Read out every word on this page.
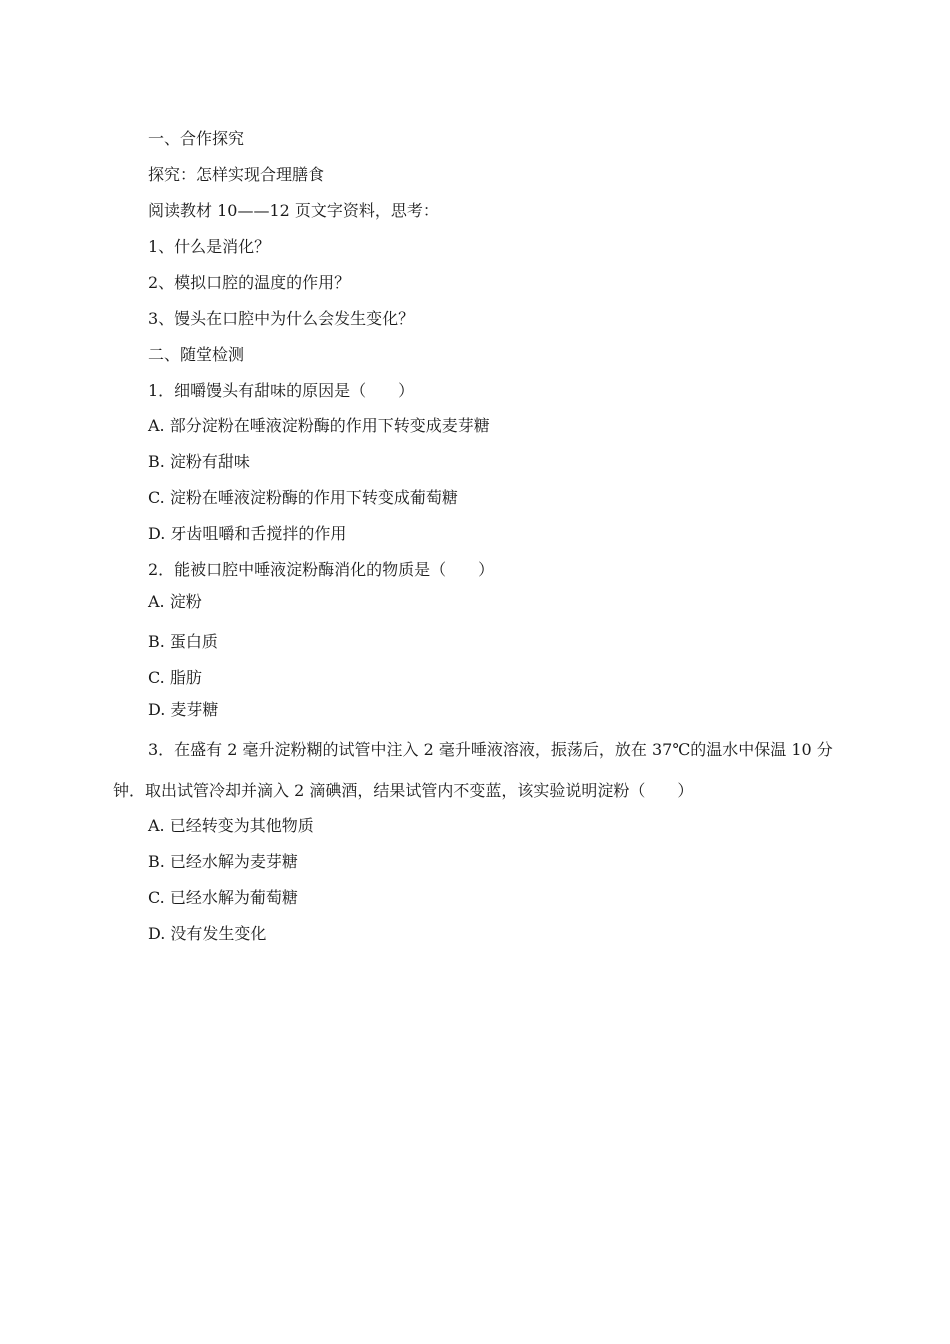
一、合作探究
探究：怎样实现合理膳食
阅读教材 10——12 页文字资料，思考：
1、什么是消化？
2、模拟口腔的温度的作用？
3、馒头在口腔中为什么会发生变化？
二、随堂检测
1．细嚼馒头有甜味的原因是（　　）
A. 部分淀粉在唾液淀粉酶的作用下转变成麦芽糖
B. 淀粉有甜味
C. 淀粉在唾液淀粉酶的作用下转变成葡萄糖
D. 牙齿咀嚼和舌搅拌的作用
2．能被口腔中唾液淀粉酶消化的物质是（　　）
A. 淀粉
B. 蛋白质
C. 脂肪
D. 麦芽糖
3．在盛有 2 毫升淀粉糊的试管中注入 2 毫升唾液溶液，振荡后，放在 37℃的温水中保温 10 分
钟．取出试管冷却并滴入 2 滴碘酒，结果试管内不变蓝，该实验说明淀粉（　　）
A. 已经转变为其他物质
B. 已经水解为麦芽糖
C. 已经水解为葡萄糖
D. 没有发生变化
